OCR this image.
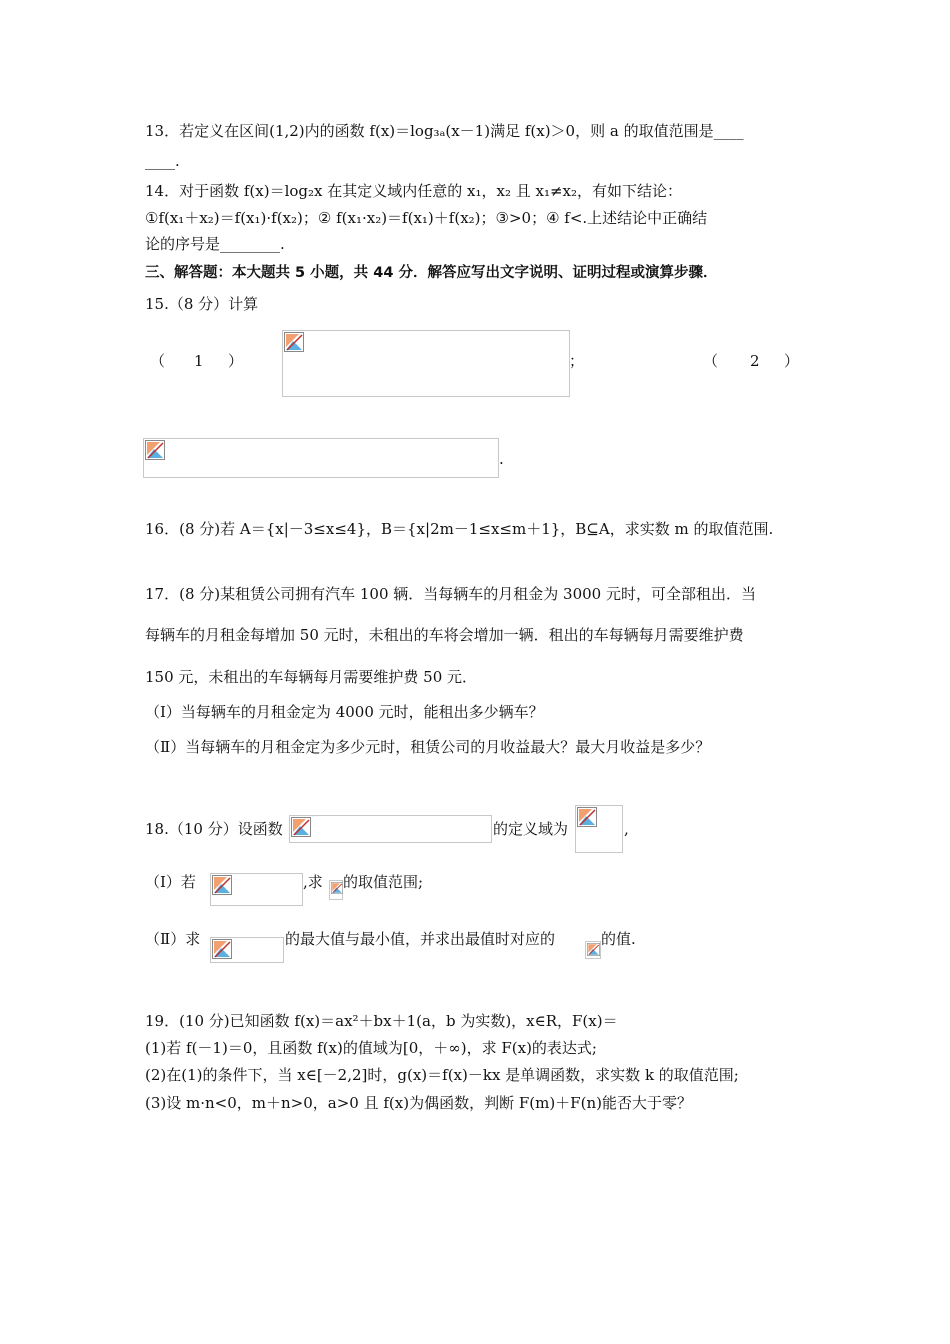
13．若定义在区间(1,2)内的函数 f(x)＝log₃ₐ(x－1)满足 f(x)＞0，则 a 的取值范围是____
____.
14．对于函数 f(x)＝log₂x 在其定义域内任意的 x₁，x₂ 且 x₁≠x₂，有如下结论：
①f(x₁＋x₂)＝f(x₁)·f(x₂)；② f(x₁·x₂)＝f(x₁)＋f(x₂)；③>0；④ f<.上述结论中正确结
论的序号是________.
三、解答题：本大题共 5 小题，共 44 分．解答应写出文字说明、证明过程或演算步骤．
15.（8 分）计算
（ 1 ）	；	（ 2 ）
.
16．(8 分)若 A＝{x|－3≤x≤4}，B＝{x|2m－1≤x≤m＋1}，B⊆A，求实数 m 的取值范围.
17．(8 分)某租赁公司拥有汽车 100 辆．当每辆车的月租金为 3000 元时，可全部租出．当
每辆车的月租金每增加 50 元时，未租出的车将会增加一辆．租出的车每辆每月需要维护费
150 元，未租出的车每辆每月需要维护费 50 元．
（Ⅰ）当每辆车的月租金定为 4000 元时，能租出多少辆车？
（Ⅱ）当每辆车的月租金定为多少元时，租赁公司的月收益最大？最大月收益是多少？
18.（10 分）设函数	的定义域为	,
（Ⅰ）若	,求 的取值范围;
（Ⅱ）求	的最大值与最小值，并求出最值时对应的	的值.
19．(10 分)已知函数 f(x)＝ax²＋bx＋1(a，b 为实数)，x∈R，F(x)＝
(1)若 f(－1)＝0，且函数 f(x)的值域为[0，＋∞)，求 F(x)的表达式;
(2)在(1)的条件下，当 x∈[－2,2]时，g(x)＝f(x)－kx 是单调函数，求实数 k 的取值范围;
(3)设 m·n<0，m＋n>0，a>0 且 f(x)为偶函数，判断 F(m)＋F(n)能否大于零？
